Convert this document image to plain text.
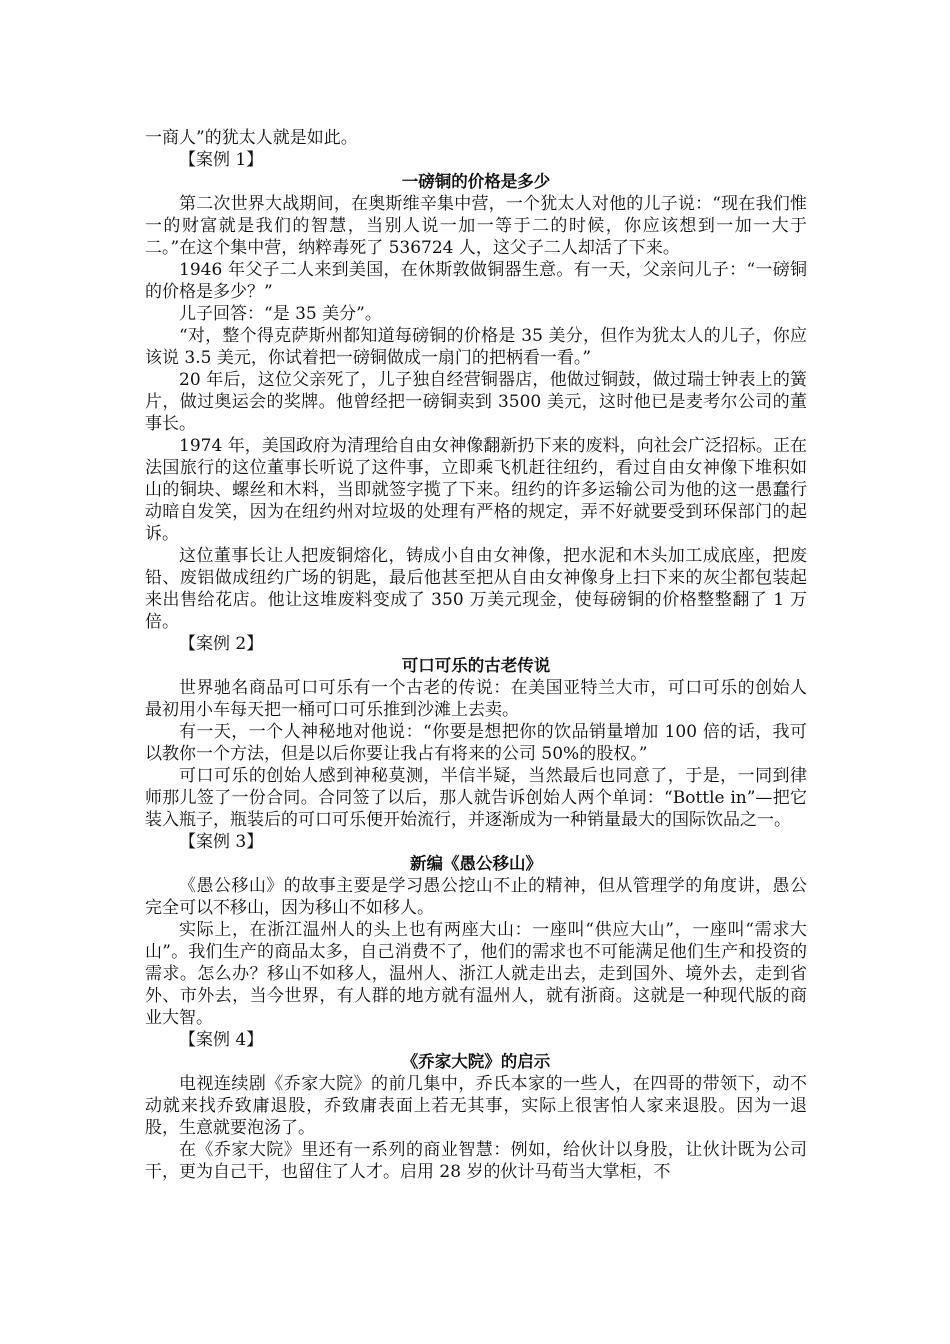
一商人”的犹太人就是如此。

【案例 1】

一磅铜的价格是多少

第二次世界大战期间，在奥斯维辛集中营，一个犹太人对他的儿子说：“现在我们惟一的财富就是我们的智慧，当别人说一加一等于二的时候，你应该想到一加一大于二。”在这个集中营，纳粹毒死了 536724 人，这父子二人却活了下来。

1946 年父子二人来到美国，在休斯敦做铜器生意。有一天，父亲问儿子：“一磅铜的价格是多少？”

儿子回答：“是 35 美分”。

“对，整个得克萨斯州都知道每磅铜的价格是 35 美分，但作为犹太人的儿子，你应该说 3.5 美元，你试着把一磅铜做成一扇门的把柄看一看。”

20 年后，这位父亲死了，儿子独自经营铜器店，他做过铜鼓，做过瑞士钟表上的簧片，做过奥运会的奖牌。他曾经把一磅铜卖到 3500 美元，这时他已是麦考尔公司的董事长。

1974 年，美国政府为清理给自由女神像翻新扔下来的废料，向社会广泛招标。正在法国旅行的这位董事长听说了这件事，立即乘飞机赶往纽约，看过自由女神像下堆积如山的铜块、螺丝和木料，当即就签字揽了下来。纽约的许多运输公司为他的这一愚蠢行动暗自发笑，因为在纽约州对垃圾的处理有严格的规定，弄不好就要受到环保部门的起诉。

这位董事长让人把废铜熔化，铸成小自由女神像，把水泥和木头加工成底座，把废铅、废铝做成纽约广场的钥匙，最后他甚至把从自由女神像身上扫下来的灰尘都包装起来出售给花店。他让这堆废料变成了 350 万美元现金，使每磅铜的价格整整翻了 1 万倍。

【案例 2】

可口可乐的古老传说

世界驰名商品可口可乐有一个古老的传说：在美国亚特兰大市，可口可乐的创始人最初用小车每天把一桶可口可乐推到沙滩上去卖。

有一天，一个人神秘地对他说：“你要是想把你的饮品销量增加 100 倍的话，我可以教你一个方法，但是以后你要让我占有将来的公司 50%的股权。”

可口可乐的创始人感到神秘莫测，半信半疑，当然最后也同意了，于是，一同到律师那儿签了一份合同。合同签了以后，那人就告诉创始人两个单词：“Bottle in”—把它装入瓶子，瓶装后的可口可乐便开始流行，并逐渐成为一种销量最大的国际饮品之一。

【案例 3】

新编《愚公移山》

《愚公移山》的故事主要是学习愚公挖山不止的精神，但从管理学的角度讲，愚公完全可以不移山，因为移山不如移人。

实际上，在浙江温州人的头上也有两座大山：一座叫“供应大山”，一座叫“需求大山”。我们生产的商品太多，自己消费不了，他们的需求也不可能满足他们生产和投资的需求。怎么办？移山不如移人，温州人、浙江人就走出去，走到国外、境外去，走到省外、市外去，当今世界，有人群的地方就有温州人，就有浙商。这就是一种现代版的商业大智。

【案例 4】

《乔家大院》的启示

电视连续剧《乔家大院》的前几集中，乔氏本家的一些人，在四哥的带领下，动不动就来找乔致庸退股，乔致庸表面上若无其事，实际上很害怕人家来退股。因为一退股，生意就要泡汤了。

在《乔家大院》里还有一系列的商业智慧：例如，给伙计以身股，让伙计既为公司干，更为自己干，也留住了人才。启用 28 岁的伙计马荀当大掌柜，不
